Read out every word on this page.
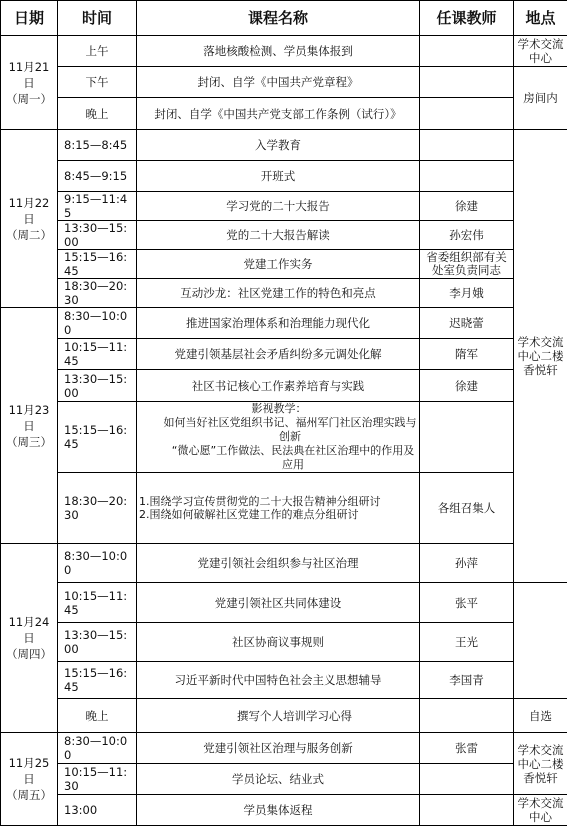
日期	时间	课程名称	任课教师	地点	

11月21日
（周一）	上午	落地核酸检测、学员集体报到		学术交流中心	
	下午	封闭、自学《中国共产党章程》		房间内	
	晚上	封闭、自学《中国共产党支部工作条例（试行）》			

11月22日
（周二）	8:15—8:45	入学教育		学术交流中心二楼香悦轩	
	8:45—9:15	开班式			
	9:15—11:45	学习党的二十大报告	徐建		
	13:30—15:00	党的二十大报告解读	孙宏伟		
	15:15—16:45	党建工作实务	省委组织部有关处室负责同志		
	18:30—20:30	互动沙龙：社区党建工作的特色和亮点	李月娥		

11月23日
（周三）	8:30—10:00	推进国家治理体系和治理能力现代化	迟晓蕾		
	10:15—11:45	党建引领基层社会矛盾纠纷多元调处化解	隋军		
	13:30—15:00	社区书记核心工作素养培育与实践	徐建		
	15:15—16:45	影视教学：
如何当好社区党组织书记、福州军门社区治理实践与创新
“微心愿”工作做法、民法典在社区治理中的作用及应用			

	18:30—20:30	1.围绕学习宣传贯彻党的二十大报告精神分组研讨
2.围绕如何破解社区党建工作的难点分组研讨	各组召集人	

11月24日
（周四）	8:30—10:00	党建引领社会组织参与社区治理	孙萍	
	10:15—11:45	党建引领社区共同体建设	张平		
	13:30—15:00	社区协商议事规则	王光		
	15:15—16:45	习近平新时代中国特色社会主义思想辅导	李国青		
	晚上	撰写个人培训学习心得		自选	

11月25日
（周五）	8:30—10:00	党建引领社区治理与服务创新	张雷	学术交流中心二楼香悦轩	
	10:15—11:30	学员论坛、结业式			
	13:00	学员集体返程		学术交流中心	
